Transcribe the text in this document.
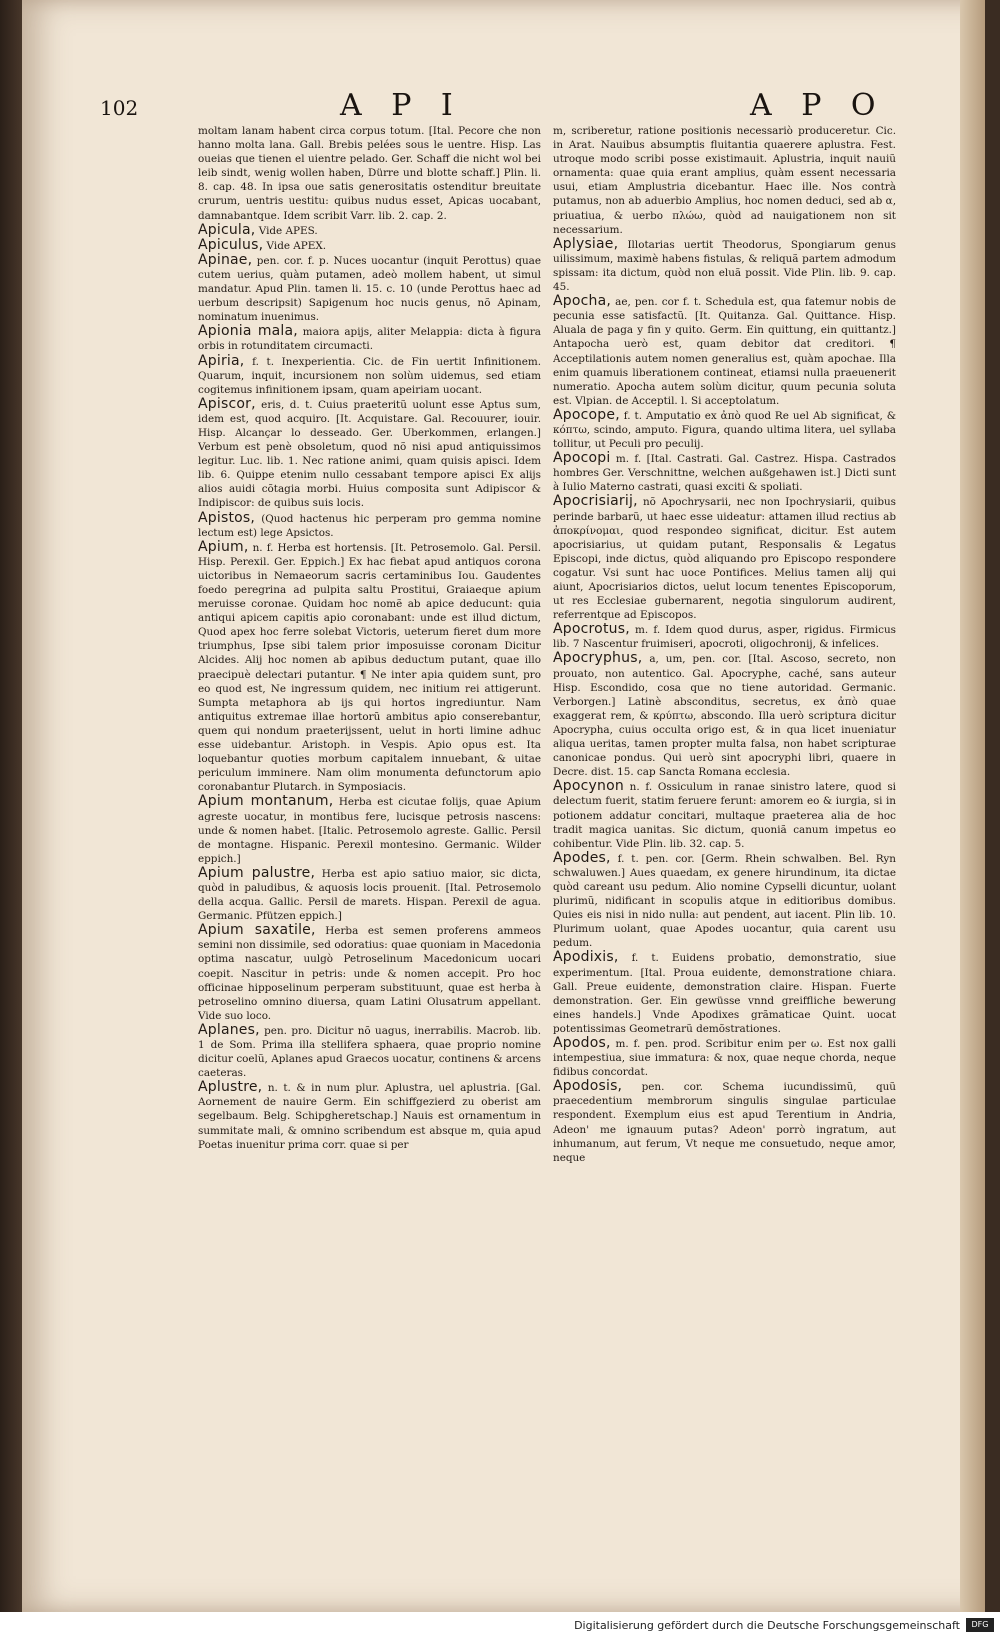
102	A P I	A P O
moltam lanam habent circa corpus totum. [Ital. Pecore che non hanno molta lana. Gall. Brebis pelées sous le uentre. Hisp. Las oueias que tienen el uientre pelado. Ger. Schaff die nicht wol bei leib sindt, wenig wollen haben, Dürre und blotte schaff.] Plin. li. 8. cap. 48. In ipsa oue satis generositatis ostenditur breuitate crurum, uentris uestitu: quibus nudus esset, Apicas uocabant, damnabantque. Idem scribit Varr. lib. 2. cap. 2.
Apicula, Vide APES.
Apiculus, Vide APEX.
Apinae, pen. cor. f. p. Nuces uocantur (inquit Perottus) quae cutem uerius, quàm putamen, adeò mollem habent, ut simul mandatur. Apud Plin. tamen li. 15. c. 10 (unde Perottus haec ad uerbum descripsit) Sapigenum hoc nucis genus, nõ Apinam, nominatum inuenimus.
Apionia mala, maiora apijs, aliter Melappia: dicta à figura orbis in rotunditatem circumacti.
Apiria, f. t. Inexperientia. Cic. de Fin uertit Infinitionem. Quarum, inquit, incursionem non solùm uidemus, sed etiam cogitemus infinitionem ipsam, quam apeiriam uocant.
Apiscor, eris, d. t. Cuius praeteritũ uolunt esse Aptus sum, idem est, quod acquiro. [It. Acquistare. Gal. Recouurer, iouir. Hisp. Alcançar lo desseado. Ger. Uberkommen, erlangen.] Verbum est penè obsoletum, quod nõ nisi apud antiquissimos legitur. Luc. lib. 1. Nec ratione animi, quam quisis apisci. Idem lib. 6. Quippe etenim nullo cessabant tempore apisci Ex alijs alios auidi cõtagia morbi. Huius composita sunt Adipiscor & Indipiscor: de quibus suis locis.
Apistos, (Quod hactenus hic perperam pro gemma nomine lectum est) lege Apsictos.
Apium, n. f. Herba est hortensis. [It. Petrosemolo. Gal. Persil. Hisp. Perexil. Ger. Eppich.] Ex hac fiebat apud antiquos corona uictoribus in Nemaeorum sacris certaminibus Iou. Gaudentes foedo peregrina ad pulpita saltu Prostitui, Graiaeque apium meruisse coronae. Quidam hoc nomẽ ab apice deducunt: quia antiqui apicem capitis apio coronabant: unde est illud dictum, Quod apex hoc ferre solebat Victoris, ueterum fieret dum more triumphus, Ipse sibi talem prior imposuisse coronam Dicitur Alcides. Alij hoc nomen ab apibus deductum putant, quae illo praecipuè delectari putantur. ¶ Ne inter apia quidem sunt, pro eo quod est, Ne ingressum quidem, nec initium rei attigerunt. Sumpta metaphora ab ijs qui hortos ingrediuntur. Nam antiquitus extremae illae hortorũ ambitus apio conserebantur, quem qui nondum praeterijssent, uelut in horti limine adhuc esse uidebantur. Aristoph. in Vespis. Apio opus est. Ita loquebantur quoties morbum capitalem innuebant, & uitae periculum imminere. Nam olim monumenta defunctorum apio coronabantur Plutarch. in Symposiacis.
Apium montanum, Herba est cicutae folijs, quae Apium agreste uocatur, in montibus fere, lucisque petrosis nascens: unde & nomen habet. [Italic. Petrosemolo agreste. Gallic. Persil de montagne. Hispanic. Perexil montesino. Germanic. Wilder eppich.]
Apium palustre, Herba est apio satiuo maior, sic dicta, quòd in paludibus, & aquosis locis prouenit. [Ital. Petrosemolo della acqua. Gallic. Persil de marets. Hispan. Perexil de agua. Germanic. Pfützen eppich.]
Apium saxatile, Herba est semen proferens ammeos semini non dissimile, sed odoratius: quae quoniam in Macedonia optima nascatur, uulgò Petroselinum Macedonicum uocari coepit. Nascitur in petris: unde & nomen accepit. Pro hoc officinae hipposelinum perperam substituunt, quae est herba à petroselino omnino diuersa, quam Latini Olusatrum appellant. Vide suo loco.
Aplanes, pen. pro. Dicitur nõ uagus, inerrabilis. Macrob. lib. 1 de Som. Prima illa stellifera sphaera, quae proprio nomine dicitur coelũ, Aplanes apud Graecos uocatur, continens & arcens caeteras.
Aplustre, n. t. & in num plur. Aplustra, uel aplustria. [Gal. Aornement de nauire Germ. Ein schiffgezierd zu oberist am segelbaum. Belg. Schipgheretschap.] Nauis est ornamentum in summitate mali, & omnino scribendum est absque m, quia apud Poetas inuenitur prima corr. quae si per
m, scriberetur, ratione positionis necessariò produceretur. Cic. in Arat. Nauibus absumptis fluitantia quaerere aplustra. Fest. utroque modo scribi posse existimauit. Aplustria, inquit nauiũ ornamenta: quae quia erant amplius, quàm essent necessaria usui, etiam Amplustria dicebantur. Haec ille. Nos contrà putamus, non ab aduerbio Amplius, hoc nomen deduci, sed ab α, priuatiua, & uerbo πλώω, quòd ad nauigationem non sit necessarium.
Aplysiae, Illotarias uertit Theodorus, Spongiarum genus uilissimum, maximè habens fistulas, & reliquã partem admodum spissam: ita dictum, quòd non eluã possit. Vide Plin. lib. 9. cap. 45.
Apocha, ae, pen. cor f. t. Schedula est, qua fatemur nobis de pecunia esse satisfactũ. [It. Quitanza. Gal. Quittance. Hisp. Aluala de paga y fin y quito. Germ. Ein quittung, ein quittantz.] Antapocha uerò est, quam debitor dat creditori. ¶ Acceptilationis autem nomen generalius est, quàm apochae. Illa enim quamuis liberationem contineat, etiamsi nulla praeuenerit numeratio. Apocha autem solùm dicitur, quum pecunia soluta est. Vlpian. de Acceptil. l. Si acceptolatum.
Apocope, f. t. Amputatio ex ἀπὸ quod Re uel Ab significat, & κόπτω, scindo, amputo. Figura, quando ultima litera, uel syllaba tollitur, ut Peculi pro peculij.
Apocopi m. f. [Ital. Castrati. Gal. Castrez. Hispa. Castrados hombres Ger. Verschnittne, welchen außgehawen ist.] Dicti sunt à Iulio Materno castrati, quasi exciti & spoliati.
Apocrisiarij, nõ Apochrysarii, nec non Ipochrysiarii, quibus perinde barbarũ, ut haec esse uideatur: attamen illud rectius ab ἀποκρίνομαι, quod respondeo significat, dicitur. Est autem apocrisiarius, ut quidam putant, Responsalis & Legatus Episcopi, inde dictus, quòd aliquando pro Episcopo respondere cogatur. Vsi sunt hac uoce Pontifices. Melius tamen alij qui aiunt, Apocrisiarios dictos, uelut locum tenentes Episcoporum, ut res Ecclesiae gubernarent, negotia singulorum audirent, referrentque ad Episcopos.
Apocrotus, m. f. Idem quod durus, asper, rigidus. Firmicus lib. 7 Nascentur fruimiseri, apocroti, oligochronij, & infelices.
Apocryphus, a, um, pen. cor. [Ital. Ascoso, secreto, non prouato, non autentico. Gal. Apocryphe, caché, sans auteur Hisp. Escondido, cosa que no tiene autoridad. Germanic. Verborgen.] Latinè absconditus, secretus, ex ἀπὸ quae exaggerat rem, & κρύπτω, abscondo. Illa uerò scriptura dicitur Apocrypha, cuius occulta origo est, & in qua licet inueniatur aliqua ueritas, tamen propter multa falsa, non habet scripturae canonicae pondus. Qui uerò sint apocryphi libri, quaere in Decre. dist. 15. cap Sancta Romana ecclesia.
Apocynon n. f. Ossiculum in ranae sinistro latere, quod si delectum fuerit, statim feruere ferunt: amorem eo & iurgia, si in potionem addatur concitari, multaque praeterea alia de hoc tradit magica uanitas. Sic dictum, quoniã canum impetus eo cohibentur. Vide Plin. lib. 32. cap. 5.
Apodes, f. t. pen. cor. [Germ. Rhein schwalben. Bel. Ryn schwaluwen.] Aues quaedam, ex genere hirundinum, ita dictae quòd careant usu pedum. Alio nomine Cypselli dicuntur, uolant plurimũ, nidificant in scopulis atque in editioribus domibus. Quies eis nisi in nido nulla: aut pendent, aut iacent. Plin lib. 10. Plurimum uolant, quae Apodes uocantur, quia carent usu pedum.
Apodixis, f. t. Euidens probatio, demonstratio, siue experimentum. [Ital. Proua euidente, demonstratione chiara. Gall. Preue euidente, demonstration claire. Hispan. Fuerte demonstration. Ger. Ein gewüsse vnnd greiffliche bewerung eines handels.] Vnde Apodixes grãmaticae Quint. uocat potentissimas Geometrarũ demõstrationes.
Apodos, m. f. pen. prod. Scribitur enim per ω. Est nox galli intempestiua, siue immatura: & nox, quae neque chorda, neque fidibus concordat.
Apodosis, pen. cor. Schema iucundissimũ, quũ praecedentium membrorum singulis singulae particulae respondent. Exemplum eius est apud Terentium in Andria, Adeon' me ignauum putas? Adeon' porrò ingratum, aut inhumanum, aut ferum, Vt neque me consuetudo, neque amor, neque
Digitalisierung gefördert durch die Deutsche Forschungsgemeinschaft	DFG
